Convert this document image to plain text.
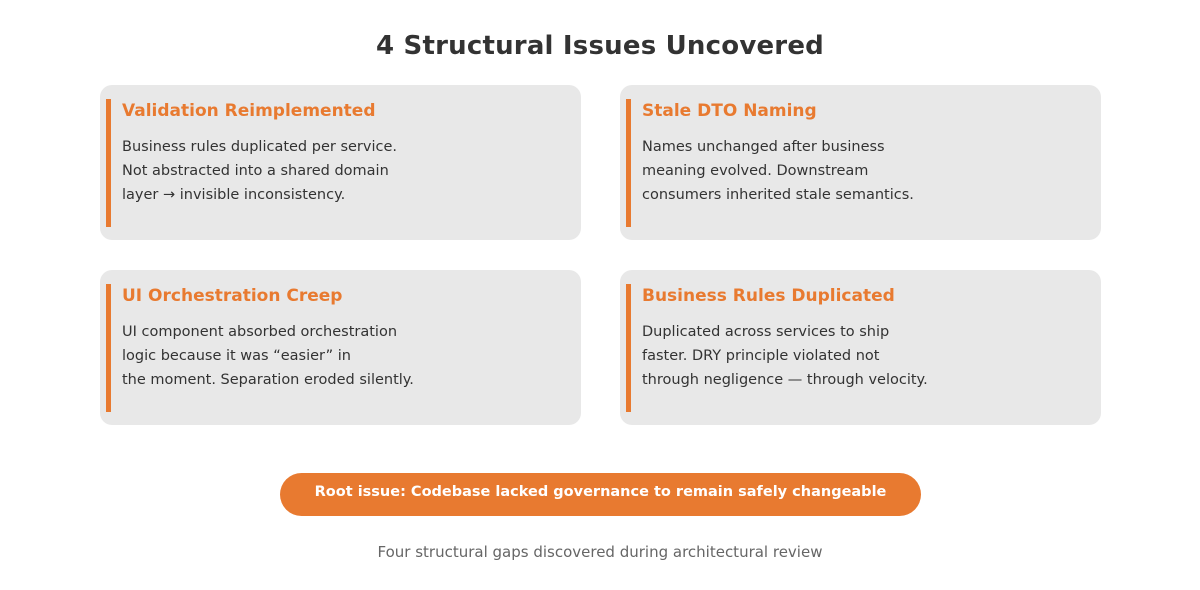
4 Structural Issues Uncovered
Validation Reimplemented
Business rules duplicated per service.
Not abstracted into a shared domain
layer → invisible inconsistency.
Stale DTO Naming
Names unchanged after business
meaning evolved. Downstream
consumers inherited stale semantics.
UI Orchestration Creep
UI component absorbed orchestration
logic because it was “easier” in
the moment. Separation eroded silently.
Business Rules Duplicated
Duplicated across services to ship
faster. DRY principle violated not
through negligence — through velocity.
Root issue: Codebase lacked governance to remain safely changeable
Four structural gaps discovered during architectural review
